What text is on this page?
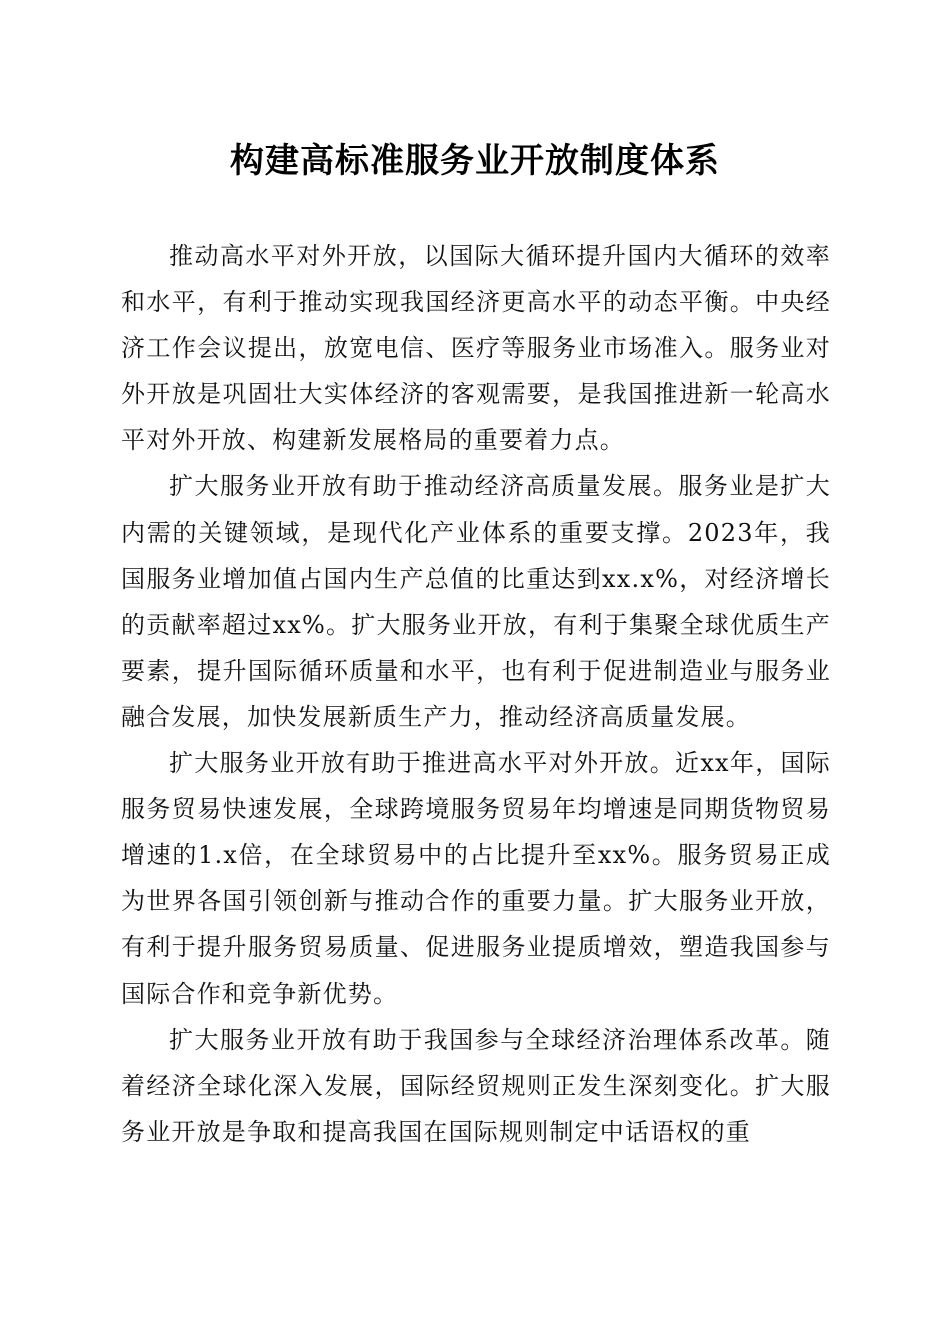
构建高标准服务业开放制度体系

推动高水平对外开放，以国际大循环提升国内大循环的效率和水平，有利于推动实现我国经济更高水平的动态平衡。中央经济工作会议提出，放宽电信、医疗等服务业市场准入。服务业对外开放是巩固壮大实体经济的客观需要，是我国推进新一轮高水平对外开放、构建新发展格局的重要着力点。

扩大服务业开放有助于推动经济高质量发展。服务业是扩大内需的关键领域，是现代化产业体系的重要支撑。2023年，我国服务业增加值占国内生产总值的比重达到xx.x%，对经济增长的贡献率超过xx%。扩大服务业开放，有利于集聚全球优质生产要素，提升国际循环质量和水平，也有利于促进制造业与服务业融合发展，加快发展新质生产力，推动经济高质量发展。

扩大服务业开放有助于推进高水平对外开放。近xx年，国际服务贸易快速发展，全球跨境服务贸易年均增速是同期货物贸易增速的1.x倍，在全球贸易中的占比提升至xx%。服务贸易正成为世界各国引领创新与推动合作的重要力量。扩大服务业开放，有利于提升服务贸易质量、促进服务业提质增效，塑造我国参与国际合作和竞争新优势。

扩大服务业开放有助于我国参与全球经济治理体系改革。随着经济全球化深入发展，国际经贸规则正发生深刻变化。扩大服务业开放是争取和提高我国在国际规则制定中话语权的重
